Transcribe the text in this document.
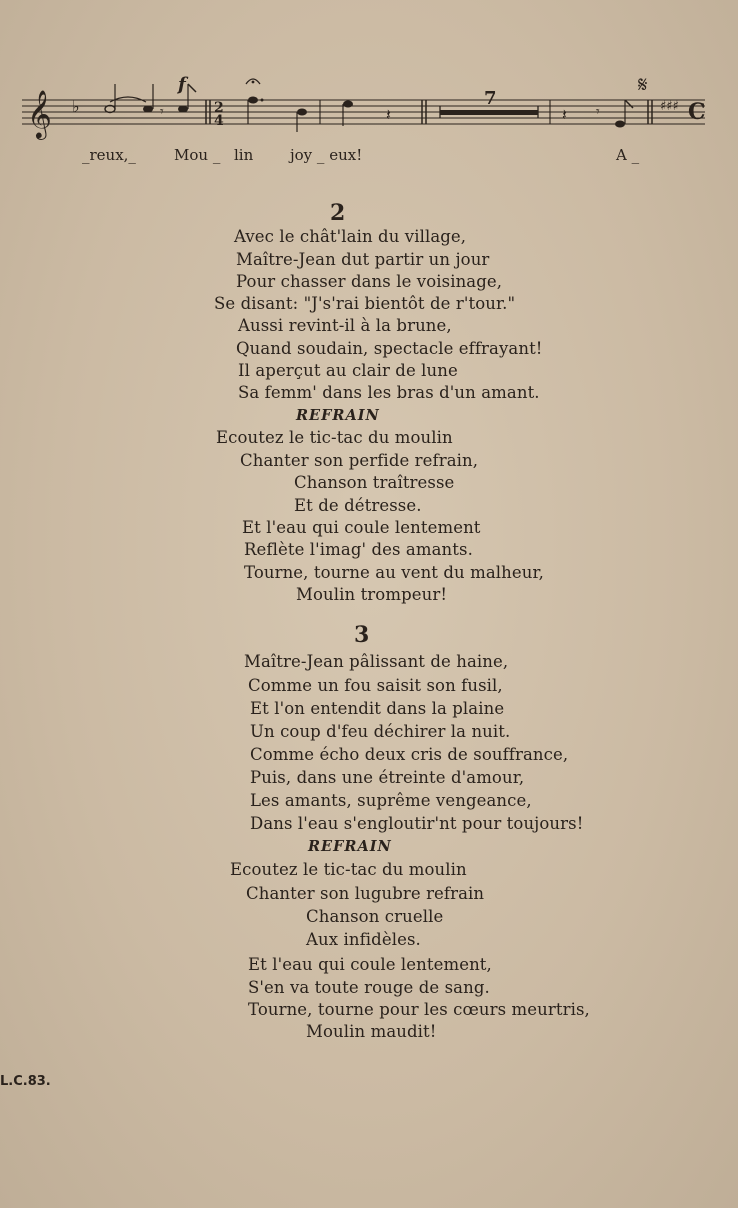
𝄞 ♭	𝄾	2
4	𝄽	𝄽 𝄾
𝄋
♯♯♯ C
f
7
_reux,_	Mou _ lin joy _ eux!	A _
2
Avec le chât'lain du village,
Maître-Jean dut partir un jour
Pour chasser dans le voisinage,
Se disant: "J's'rai bientôt de r'tour."
Aussi revint-il à la brune,
Quand soudain, spectacle effrayant!
Il aperçut au clair de lune
Sa femm' dans les bras d'un amant.
REFRAIN
Ecoutez le tic-tac du moulin
Chanter son perfide refrain,
Chanson traîtresse
Et de détresse.
Et l'eau qui coule lentement
Reflète l'imag' des amants.
Tourne, tourne au vent du malheur,
Moulin trompeur!
3
Maître-Jean pâlissant de haine,
Comme un fou saisit son fusil,
Et l'on entendit dans la plaine
Un coup d'feu déchirer la nuit.
Comme écho deux cris de souffrance,
Puis, dans une étreinte d'amour,
Les amants, suprême vengeance,
Dans l'eau s'engloutir'nt pour toujours!
REFRAIN
Ecoutez le tic-tac du moulin
Chanter son lugubre refrain
Chanson cruelle
Aux infidèles.
Et l'eau qui coule lentement,
S'en va toute rouge de sang.
Tourne, tourne pour les cœurs meurtris,
Moulin maudit!
L.C.83.
